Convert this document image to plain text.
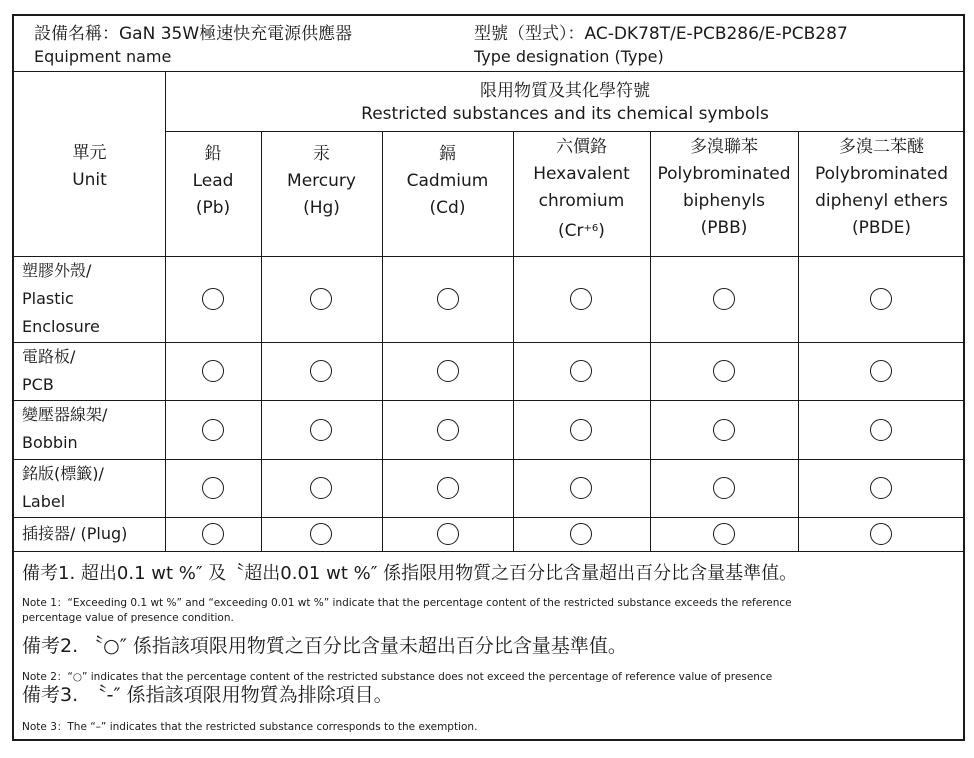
設備名稱：GaN 35W極速快充電源供應器
Equipment name
型號（型式）：AC-DK78T/E-PCB286/E-PCB287
Type designation (Type)
單元
Unit
限用物質及其化學符號
Restricted substances and its chemical symbols
鉛
Lead
(Pb)
汞
Mercury
(Hg)
鎘
Cadmium
(Cd)
六價鉻
Hexavalent
chromium
$(Cr^{+6})$
多溴聯苯
Polybrominated
biphenyls
(PBB)
多溴二苯醚
Polybrominated
diphenyl ethers
(PBDE)
塑膠外殼/
Plastic
Enclosure
電路板/
PCB
變壓器線架/
Bobbin
銘版(標籤)/
Label
插接器/ (Plug)
備考1. 超出0.1 wt %″ 及〝超出0.01 wt %″ 係指限用物質之百分比含量超出百分比含量基準值。
Note 1：“Exceeding 0.1 wt %” and “exceeding 0.01 wt %” indicate that the percentage content of the restricted substance exceeds the reference
percentage value of presence condition.
備考2. 〝○″ 係指該項限用物質之百分比含量未超出百分比含量基準值。
Note 2：“○” indicates that the percentage content of the restricted substance does not exceed the percentage of reference value of presence
備考3.　〝-″ 係指該項限用物質為排除項目。
Note 3：The “–” indicates that the restricted substance corresponds to the exemption.
